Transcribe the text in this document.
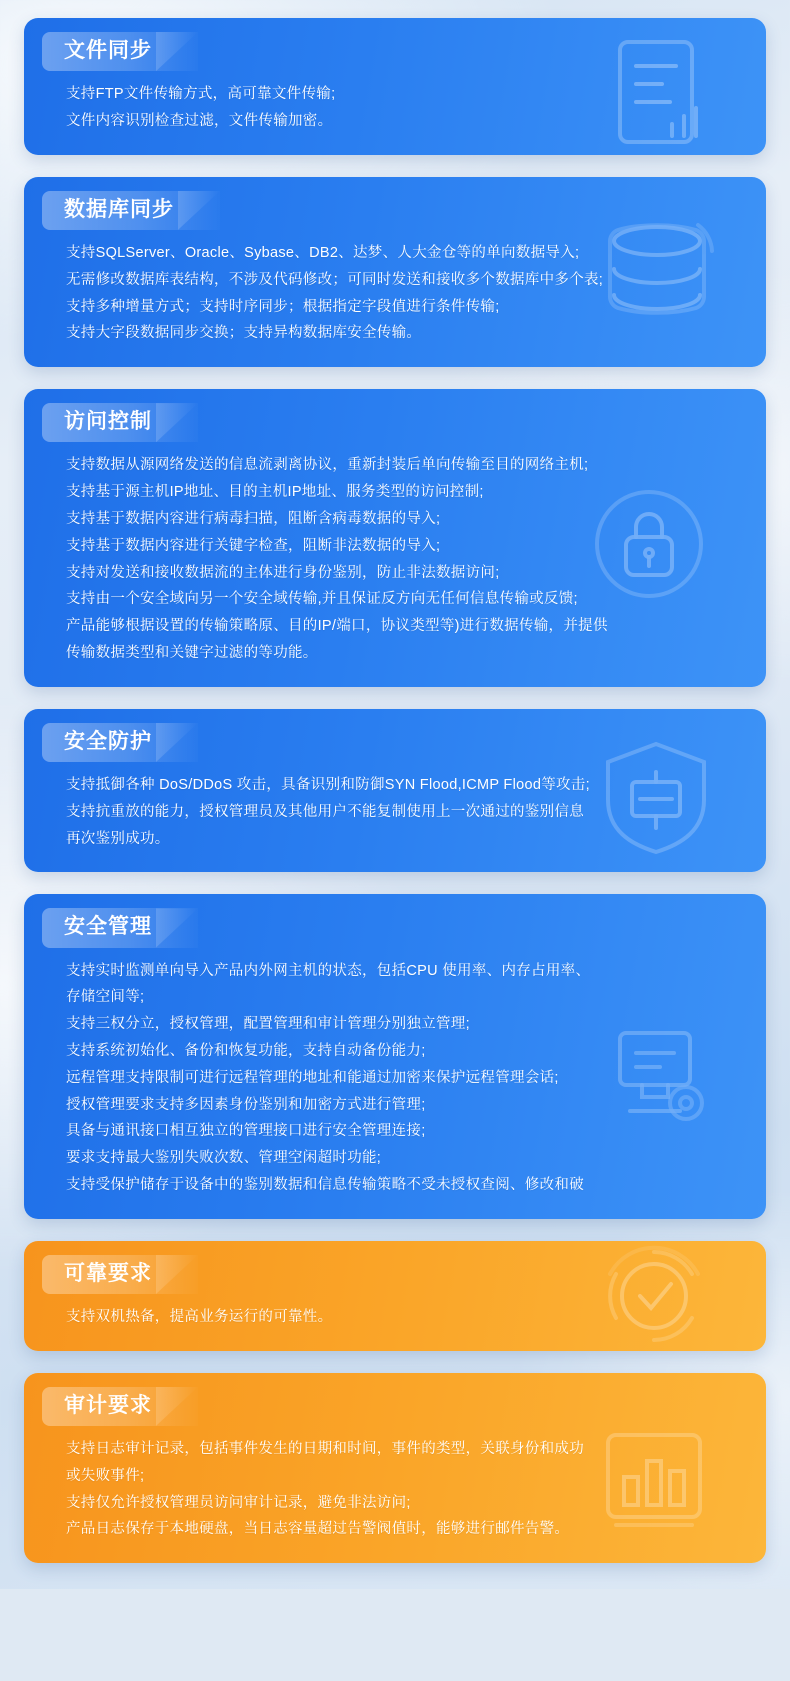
文件同步
支持FTP文件传输方式，高可靠文件传输;
文件内容识别检查过滤，文件传输加密。
数据库同步
支持SQLServer、Oracle、Sybase、DB2、达梦、人大金仓等的单向数据导入;
无需修改数据库表结构，不涉及代码修改；可同时发送和接收多个数据库中多个表;
支持多种增量方式；支持时序同步；根据指定字段值进行条件传输;
支持大字段数据同步交换；支持异构数据库安全传输。
访问控制
支持数据从源网络发送的信息流剥离协议，重新封装后单向传输至目的网络主机;
支持基于源主机IP地址、目的主机IP地址、服务类型的访问控制;
支持基于数据内容进行病毒扫描，阻断含病毒数据的导入;
支持基于数据内容进行关键字检查，阻断非法数据的导入;
支持对发送和接收数据流的主体进行身份鉴别，防止非法数据访问;
支持由一个安全域向另一个安全域传输,并且保证反方向无任何信息传输或反馈;
产品能够根据设置的传输策略原、目的IP/端口，协议类型等)进行数据传输，并提供
传输数据类型和关键字过滤的等功能。
安全防护
支持抵御各种 DoS/DDoS 攻击，具备识别和防御SYN Flood,ICMP Flood等攻击;
支持抗重放的能力，授权管理员及其他用户不能复制使用上一次通过的鉴别信息
再次鉴别成功。
安全管理
支持实时监测单向导入产品内外网主机的状态，包括CPU 使用率、内存占用率、
存储空间等;
支持三权分立，授权管理，配置管理和审计管理分别独立管理;
支持系统初始化、备份和恢复功能，支持自动备份能力;
远程管理支持限制可进行远程管理的地址和能通过加密来保护远程管理会话;
授权管理要求支持多因素身份鉴别和加密方式进行管理;
具备与通讯接口相互独立的管理接口进行安全管理连接;
要求支持最大鉴别失败次数、管理空闲超时功能;
支持受保护储存于设备中的鉴别数据和信息传输策略不受未授权查阅、修改和破
可靠要求
支持双机热备，提高业务运行的可靠性。
审计要求
支持日志审计记录，包括事件发生的日期和时间，事件的类型，关联身份和成功
或失败事件;
支持仅允许授权管理员访问审计记录，避免非法访问;
产品日志保存于本地硬盘，当日志容量超过告警阀值时，能够进行邮件告警。
